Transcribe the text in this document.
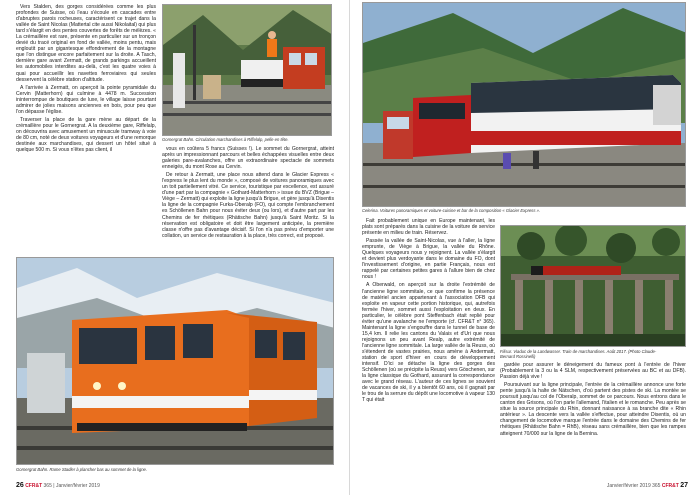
Vers Stalden, des gorges considérées comme les plus profondes de Suisse, où l'eau s'écoule en cascades entre d'abruptes parois rocheuses, caractérisent ce trajet dans la vallée de Saint Nicolas (Mattertal cite aussi Nikolaital) qui plus tard s'élargit en des pentes couvertes de forêts de mélèzes. « La crémaillère est rare, présente en particulier sur un tronçon devié du tracé original en fond de vallée, moins pentu, mais engloutit par un gigantesque effondrement de la montagne que l'on distingue encore parfaitement sur la droite. A Tasch, dernière gare avant Zermatt, de grands parkings accueillent les automobiles interdites au-delà, c'est les quatre voies à quai pour accueillir les navettes ferroviaires qui seules desservent la célèbre station d'altitude.

A l'arrivée à Zermatt, on aperçoit la pointe pyramidale du Cervin (Matterhorn) qui culmine à 4478 m. Succession ininterrompue de boutiques de luxe, le village laisse pourtant admirer de jolies maisons anciennes en bois, pour peu que l'on dépasse l'église.

Traverser la place de la gare mène au départ de la crémaillère pour le Gornergrat. A la deuxième gare, Riffelalp, on découvrira avec amusement un minuscule tramway à voie de 80 cm, noté de deux voitures voyageurs et d'une remorque destinée aux marchandises, qui dessert un hôtel situé à quelque 500 m. Si vous n'êtes pas client, il

Gornergrat Bahn. Circulation marchandises à Riffelalp, pelle en tête.

vous en coûtera 5 francs (Suisses !). Le sommet du Gornergrat, atteint après un impressionnant parcours et belles échappées visuelles entre deux galeries pare-avalanches, offre un extraordinaire spectacle de sommets enneigés, du mont Rose au Cervin.

De retour à Zermatt, une place nous attend dans le Glacier Express « l'express le plus lent du monde », composé de voitures panoramiques avec un toit partiellement vitré. Ce service, touristique par excellence, est assuré d'une part par la compagnie « Gothard-Matterhorn » issue du BVZ (Brigue – Viège – Zermatt) qui exploite la ligne jusqu'à Brigue, et gère jusqu'à Disentis la ligne de la compagnie Furka-Oberalp (FO), qui compte l'embranchement es Schöllenen Bahn pour nous éviter deux (ou lors), et d'autre part par les Chemins de fer rhétiques (Rhätische Bahn) jusqu'à Saint Moritz. Si la réservation est obligatoire et doit être largement anticipée, la première classe n'offre pas d'avantage décisif. Si l'on n'a pas prévu d'emporter une collation, un service de restauration à la place, très correct, est proposé.

Gornergrat Bahn. Rame Stadler à plancher bas au sommet de la ligne.
26 CFR&T 365 | Janvier/février 2019
Celerina. Voitures panoramiques et voiture-cuisine et bar de la composition « Glacier Express ».

Fait probablement unique en Europe maintenant, les plats sont préparés dans la cuisine de la voiture de service présente en milieu de train. Réservez.

Passée la vallée de Saint-Nicolas, vue à l'aller, la ligne emprunte, de Viège à Brigue, la vallée du Rhône. Quelques voyageurs nous y rejoignent. La vallée s'élargit et devient plus verdoyante dans le domaine du FO, dont l'investissement d'origine, en partie Français, nous est rappelé par certaines petites gares à l'allure bien de chez nous !

A Oberwald, on aperçoit sur la droite l'extrémité de l'ancienne ligne sommitale, ce que confirme la présence de matériel ancien appartenant à l'association DFB qui exploite en vapeur cette portion historique, qui, autrefois fermée l'hiver, sommet aussi l'exploitation en deux. En particulier, le célèbre pont Steffenbach était replié pour éviter qu'une avalanche ne l'emporte (cf. CFR&T n° 365). Maintenant la ligne s'engouffre dans le tunnel de base de 15,4 km. Il relie les cantons du Valais et d'Uri que nous rejoignons un peu avant Realp, autre extrémité de l'ancienne ligne sommitale. La large vallée de la Reuss, où s'étendent de vastes prairies, nous amène à Andermatt, station de sport d'hiver en cours de développement intensif. D'ici se détache la ligne des gorges des Schöllenen (où se précipite la Reuss) vers Göschenen, sur la ligne classique du Gothard, assurant la correspondance avec le grand réseau. L'auteur de ces lignes se souvient de vacances de ski, il y a bientôt 60 ans, où il gagnait par le trou de la serrure du dépôt une locomotive à vapeur 130 T qui était

Filisur. Viaduc de la Landwasser. Train de marchandises. Août 2017. (Photo Claude-
Bernard Rossinelli)

gardée pour assurer le déneigement du fameux pont à l'entrée de l'hiver (Probablement la 3 ou la 4 SLM, respectivement préservées au BC et au DFB). Passion déjà vive !

Poursuivant sur la ligne principale, l'entrée de la crémaillère annonce une forte pente jusqu'à la halte de Nätschen, d'où partent des pistes de ski. La montée se poursuit jusqu'au col de l'Oberalp, sommet de ce parcours. Nous entrons dans le canton des Grisons, où l'on parle l'allemand, l'italien et le romanche. Peu après se situe la source principale du Rhin, donnant naissance à sa branche dite « Rhin antérieur ». La descente vers la vallée s'effectue, pour atteindre Disentis, où un changement de locomotive marque l'entrée dans le domaine des Chemins de fer rhétiques (Rhätische Bahn = RhB), réseau sans crémaillère, bien que les rampes atteignent 70/000 sur la ligne de la Bernina.

Janvier/février 2019 365 CFR&T 27
